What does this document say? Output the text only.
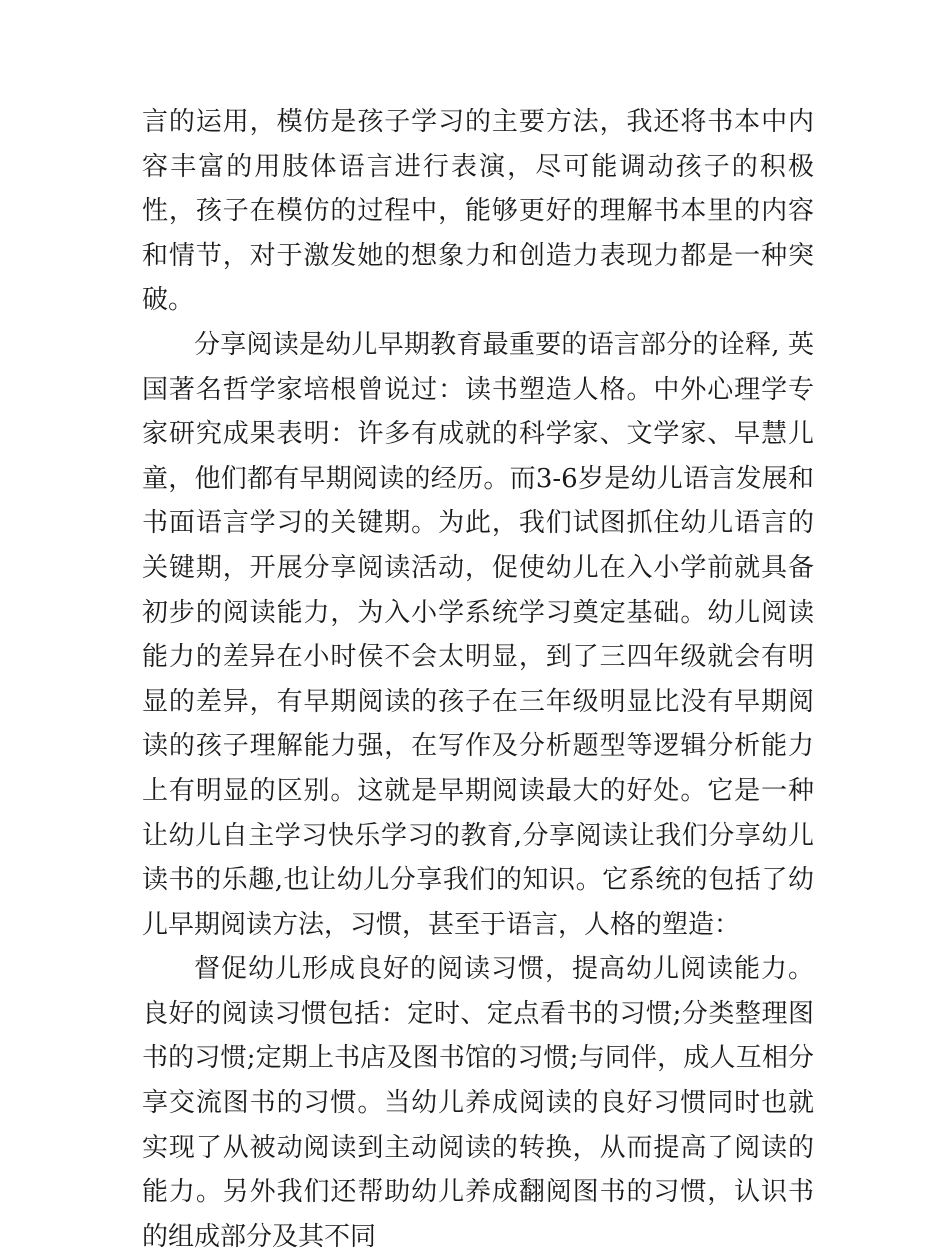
言的运用，模仿是孩子学习的主要方法，我还将书本中内容丰富的用肢体语言进行表演，尽可能调动孩子的积极性，孩子在模仿的过程中，能够更好的理解书本里的内容和情节，对于激发她的想象力和创造力表现力都是一种突破。

分享阅读是幼儿早期教育最重要的语言部分的诠释, 英国著名哲学家培根曾说过：读书塑造人格。中外心理学专家研究成果表明：许多有成就的科学家、文学家、早慧儿童，他们都有早期阅读的经历。而3-6岁是幼儿语言发展和书面语言学习的关键期。为此，我们试图抓住幼儿语言的关键期，开展分享阅读活动，促使幼儿在入小学前就具备初步的阅读能力，为入小学系统学习奠定基础。幼儿阅读能力的差异在小时侯不会太明显，到了三四年级就会有明显的差异，有早期阅读的孩子在三年级明显比没有早期阅读的孩子理解能力强，在写作及分析题型等逻辑分析能力上有明显的区别。这就是早期阅读最大的好处。它是一种让幼儿自主学习快乐学习的教育,分享阅读让我们分享幼儿读书的乐趣,也让幼儿分享我们的知识。它系统的包括了幼儿早期阅读方法，习惯，甚至于语言，人格的塑造：

督促幼儿形成良好的阅读习惯，提高幼儿阅读能力。 良好的阅读习惯包括：定时、定点看书的习惯;分类整理图书的习惯;定期上书店及图书馆的习惯;与同伴，成人互相分享交流图书的习惯。当幼儿养成阅读的良好习惯同时也就实现了从被动阅读到主动阅读的转换，从而提高了阅读的能力。另外我们还帮助幼儿养成翻阅图书的习惯，认识书的组成部分及其不同
